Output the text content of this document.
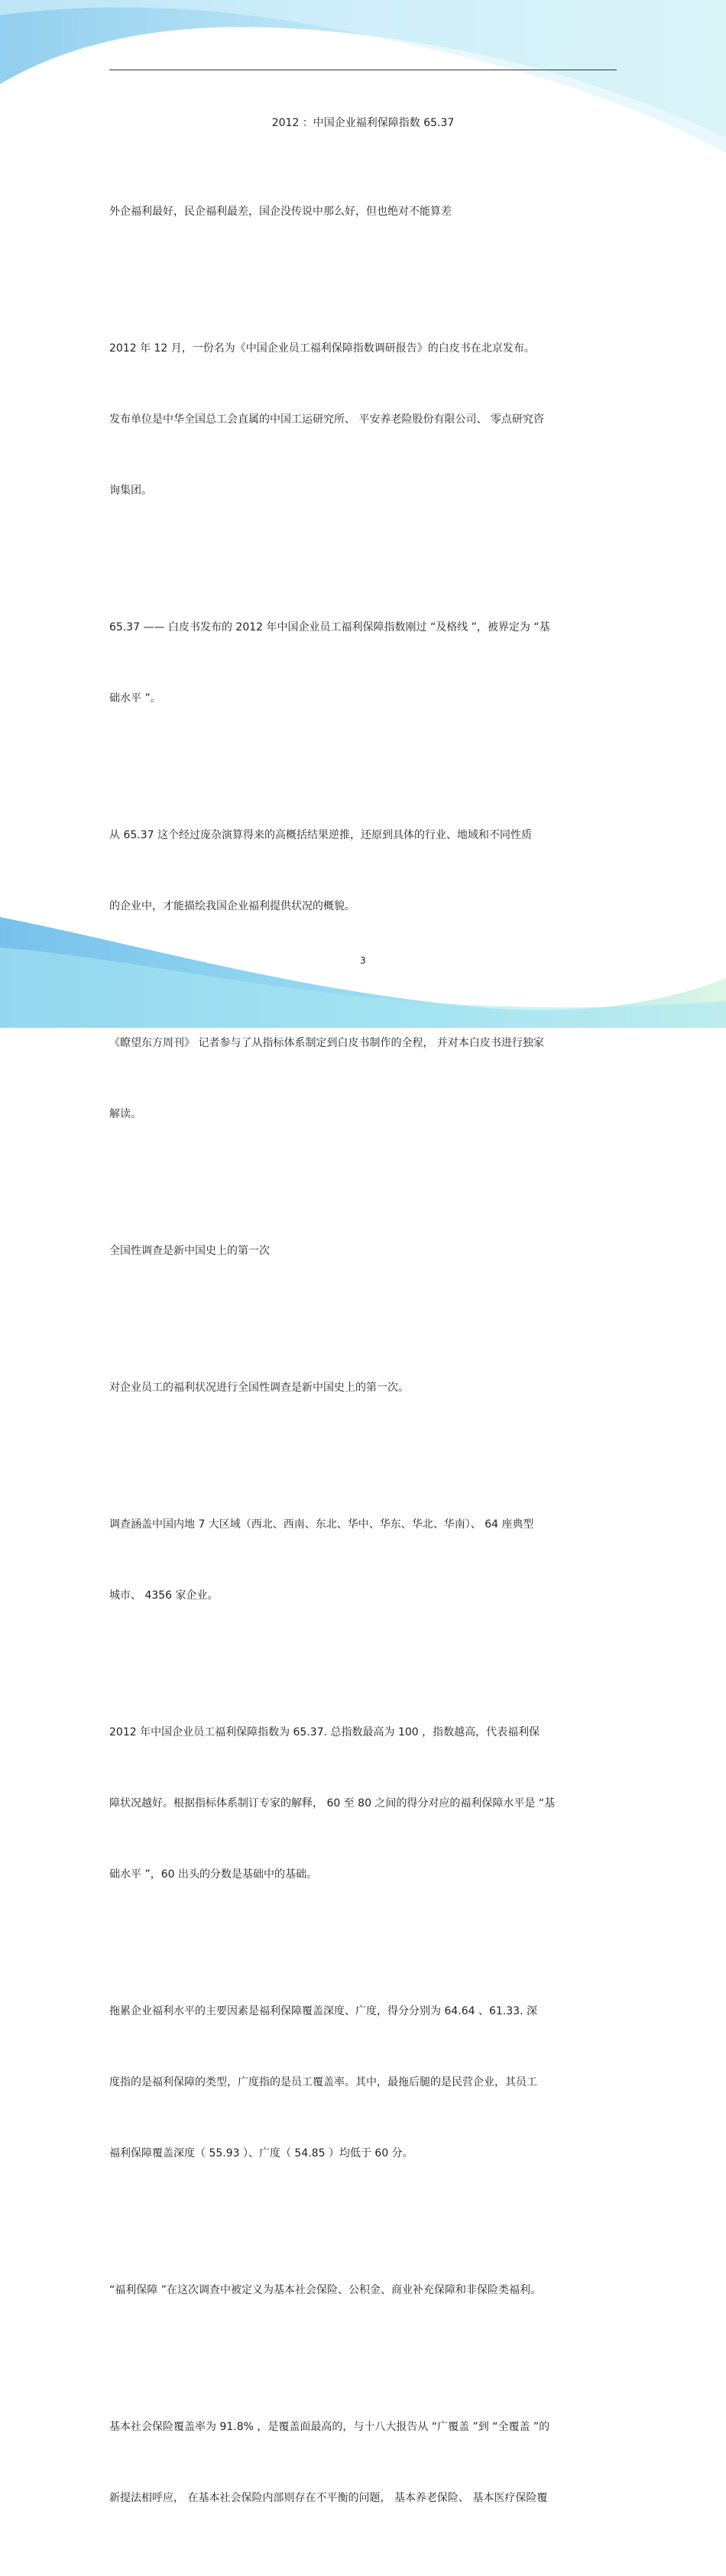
2012 ：中国企业福利保障指数 65.37

外企福利最好，民企福利最差，国企没传说中那么好，但也绝对不能算差

2012 年 12 月，一份名为《中国企业员工福利保障指数调研报告》的白皮书在北京发布。

发布单位是中华全国总工会直属的中国工运研究所、 平安养老险股份有限公司、 零点研究咨

询集团。

65.37 —— 白皮书发布的 2012 年中国企业员工福利保障指数刚过 “及格线 ”，被界定为 “基

础水平 ”。

从 65.37 这个经过庞杂演算得来的高概括结果逆推，还原到具体的行业、地域和不同性质

的企业中，才能描绘我国企业福利提供状况的概貌。

《瞭望东方周刊》 记者参与了从指标体系制定到白皮书制作的全程， 并对本白皮书进行独家

解读。

全国性调查是新中国史上的第一次

对企业员工的福利状况进行全国性调查是新中国史上的第一次。

调查涵盖中国内地 7 大区域（西北、西南、东北、华中、华东、华北、华南）、 64 座典型

城市、 4356 家企业。

2012 年中国企业员工福利保障指数为 65.37. 总指数最高为 100 ，指数越高，代表福利保

障状况越好。根据指标体系制订专家的解释， 60 至 80 之间的得分对应的福利保障水平是 “基

础水平 ”，60 出头的分数是基础中的基础。

拖累企业福利水平的主要因素是福利保障覆盖深度、广度，得分分别为 64.64 、61.33. 深

度指的是福利保障的类型，广度指的是员工覆盖率。其中，最拖后腿的是民营企业，其员工

福利保障覆盖深度（ 55.93 ）、广度（ 54.85 ）均低于 60 分。

“福利保障 ”在这次调查中被定义为基本社会保险、公积金、商业补充保障和非保险类福利。

基本社会保险覆盖率为 91.8% ，是覆盖面最高的，与十八大报告从 “广覆盖 ”到 “全覆盖 ”的

新提法相呼应， 在基本社会保险内部则存在不平衡的问题， 基本养老保险、 基本医疗保险覆

3
